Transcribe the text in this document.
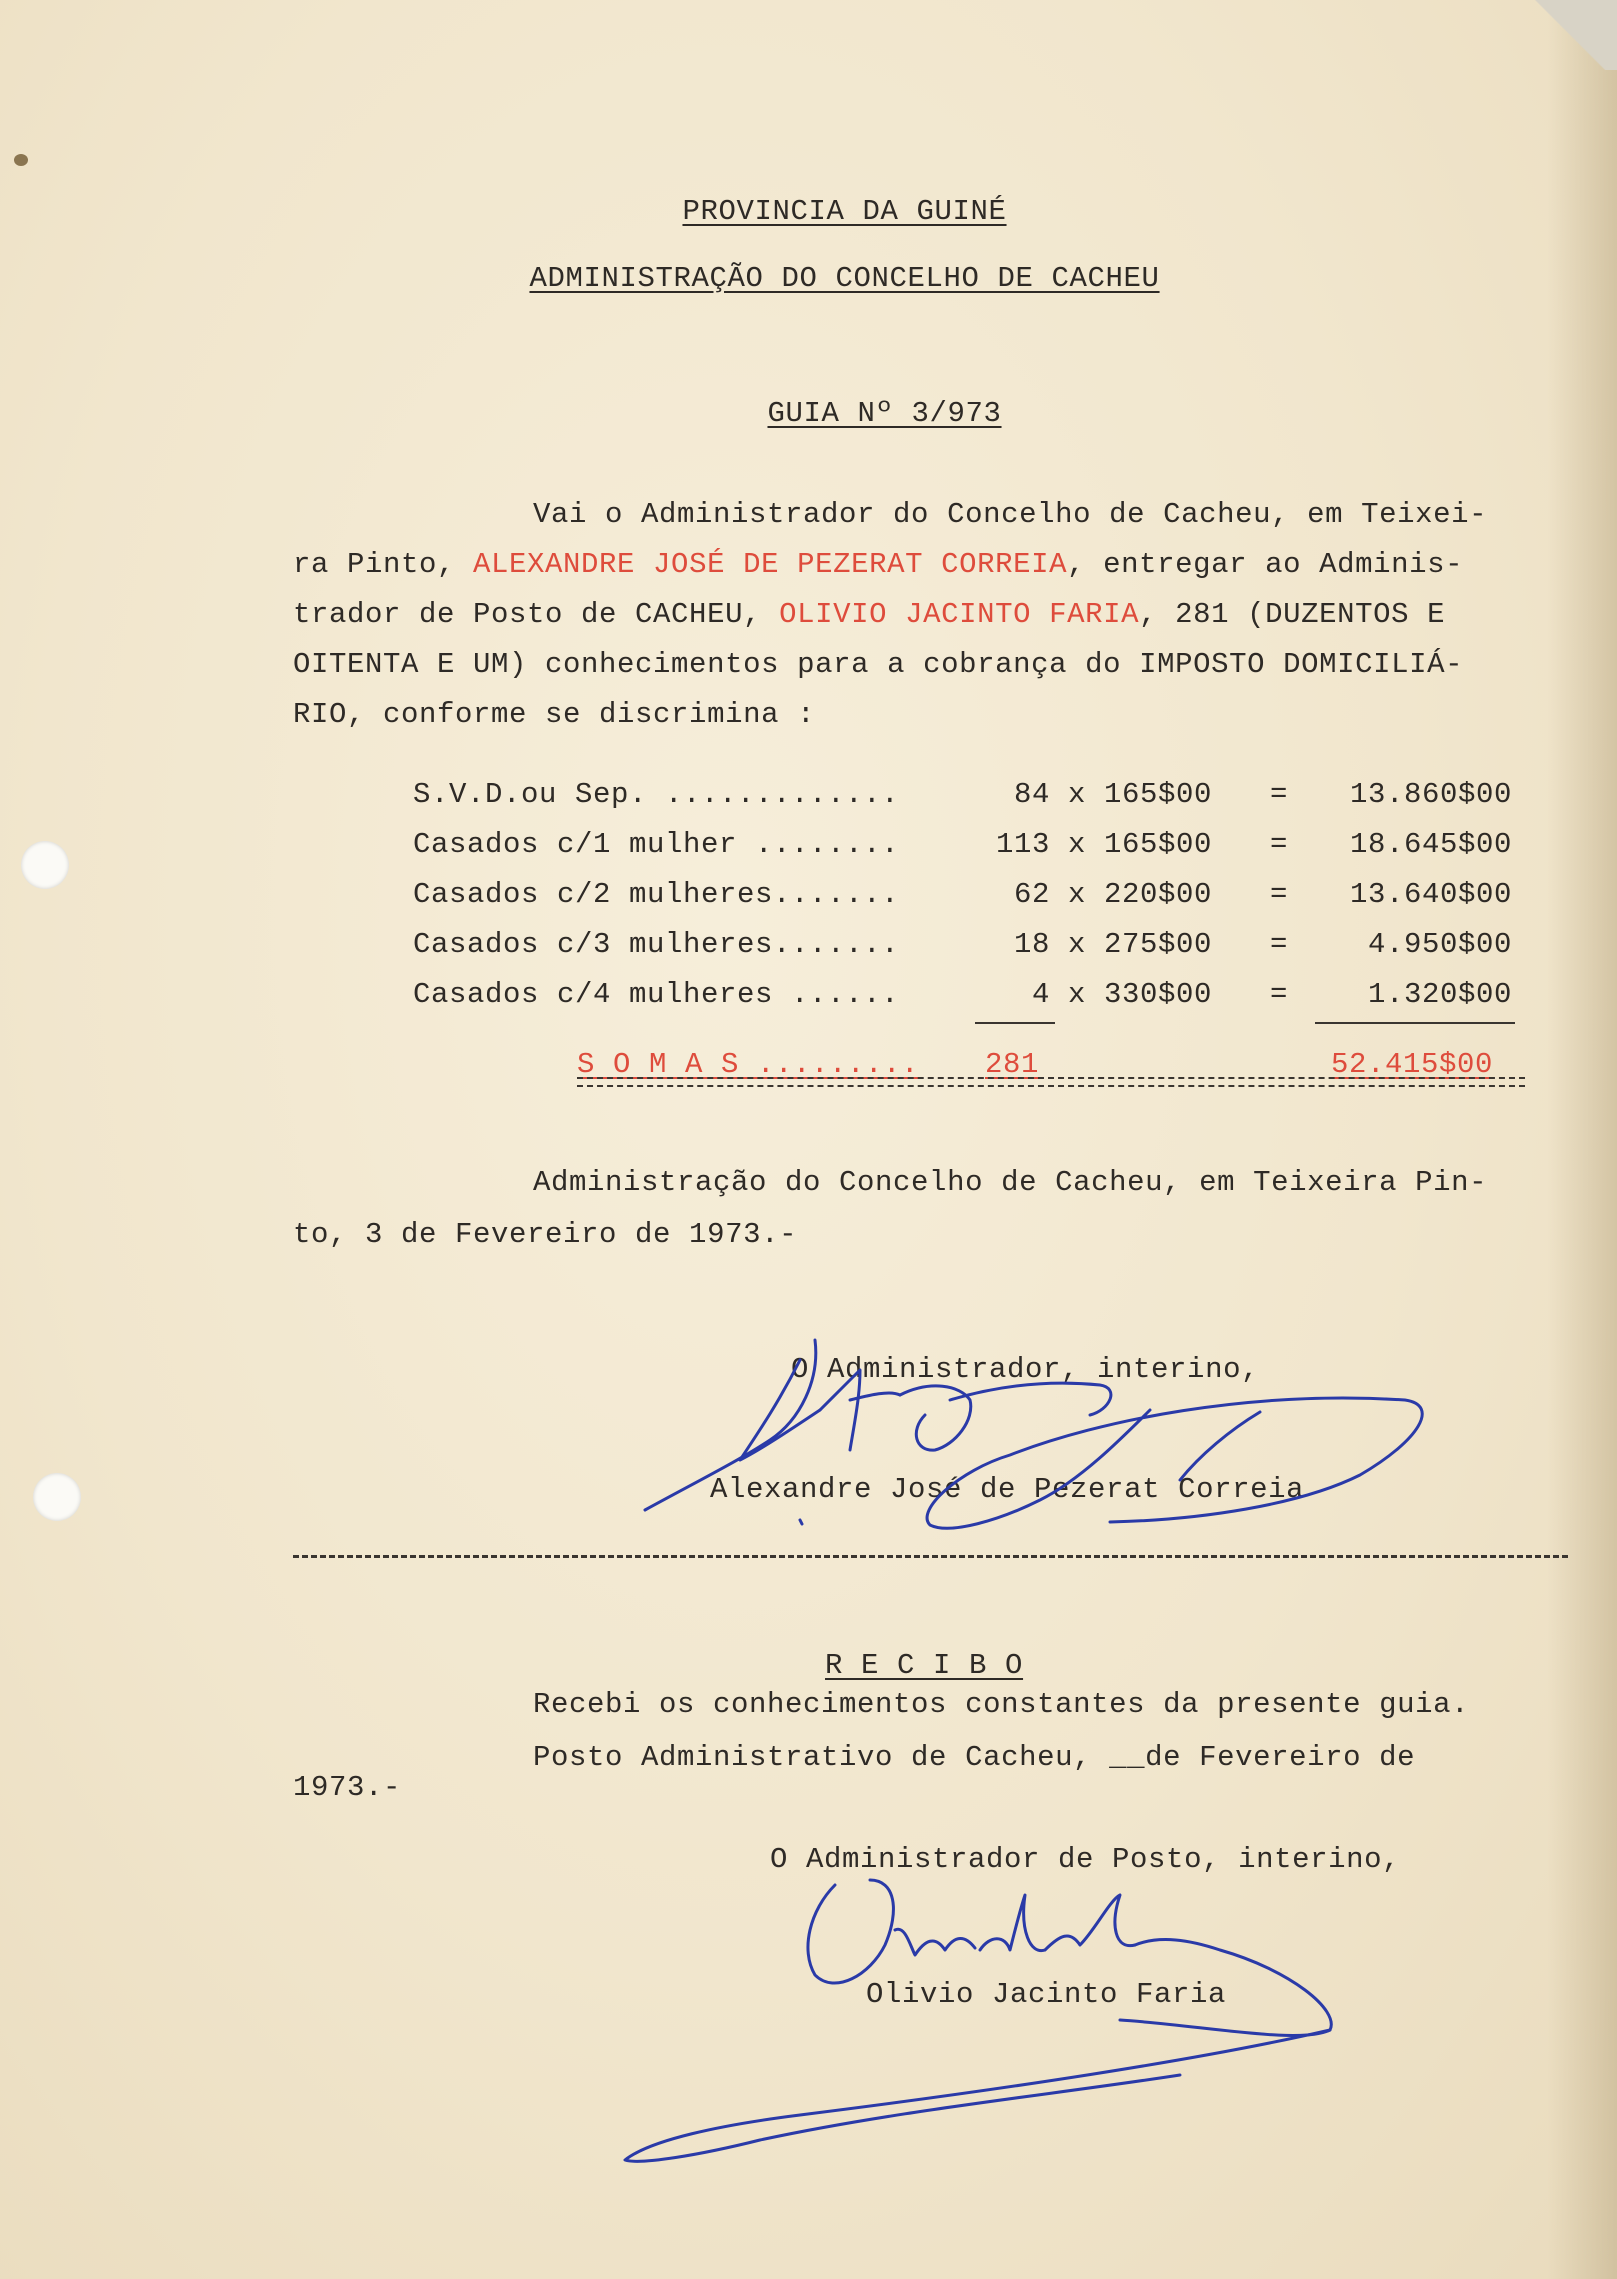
PROVINCIA DA GUINÉ

ADMINISTRAÇÃO DO CONCELHO DE CACHEU

GUIA Nº 3/973

Vai o Administrador do Concelho de Cacheu, em Teixei-
ra Pinto, ALEXANDRE JOSÉ DE PEZERAT CORREIA, entregar ao Adminis-
trador de Posto de CACHEU, OLIVIO JACINTO FARIA, 281 (DUZENTOS E
OITENTA E UM) conhecimentos para a cobrança do IMPOSTO DOMICILIÁ-
RIO, conforme se discrimina :
S.V.D.ou Sep. .............	84 x 165$00 =	13.860$00
Casados c/1 mulher ........	113 x 165$00 =	18.645$00
Casados c/2 mulheres.......	62 x 220$00 =	13.640$00
Casados c/3 mulheres.......	18 x 275$00 =	4.950$00
Casados c/4 mulheres ......	4 x 330$00 =	1.320$00
S O M A S ......... 281	52.415$00
Administração do Concelho de Cacheu, em Teixeira Pin-
to, 3 de Fevereiro de 1973.-
O Administrador, interino,
Alexandre José de Pezerat Correia

R E C I B O

Recebi os conhecimentos constantes da presente guia.
Posto Administrativo de Cacheu, __de Fevereiro de
1973.-
O Administrador de Posto, interino,
Olivio Jacinto Faria
